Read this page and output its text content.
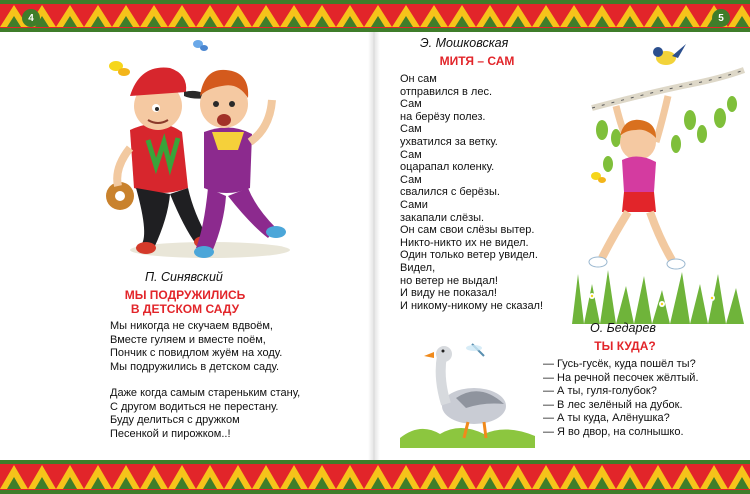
4	5
П. Синявский
МЫ ПОДРУЖИЛИСЬ
В ДЕТСКОМ САДУ
Мы никогда не скучаем вдвоём,
Вместе гуляем и вместе поём,
Пончик с повидлом жуём на ходу.
Мы подружились в детском саду.
Даже когда самым стареньким стану,
С другом водиться не перестану.
Буду делиться с дружком
Песенкой и пирожком..!
Э. Мошковская
МИТЯ – САМ
Он сам
отправился в лес.
Сам
на берёзу полез.
Сам
ухватился за ветку.
Сам
оцарапал коленку.
Сам
свалился с берёзы.
Сами
закапали слёзы.
Он сам свои слёзы вытер.
Никто-никто их не видел.
Один только ветер увидел.
Видел,
но ветер не выдал!
И виду не показал!
И никому-никому не сказал!
О. Бедарев
ТЫ КУДА?
— Гусь-гусёк, куда пошёл ты?
— На речной песочек жёлтый.
— А ты, гуля-голубок?
— В лес зелёный на дубок.
— А ты куда, Алёнушка?
— Я во двор, на солнышко.
